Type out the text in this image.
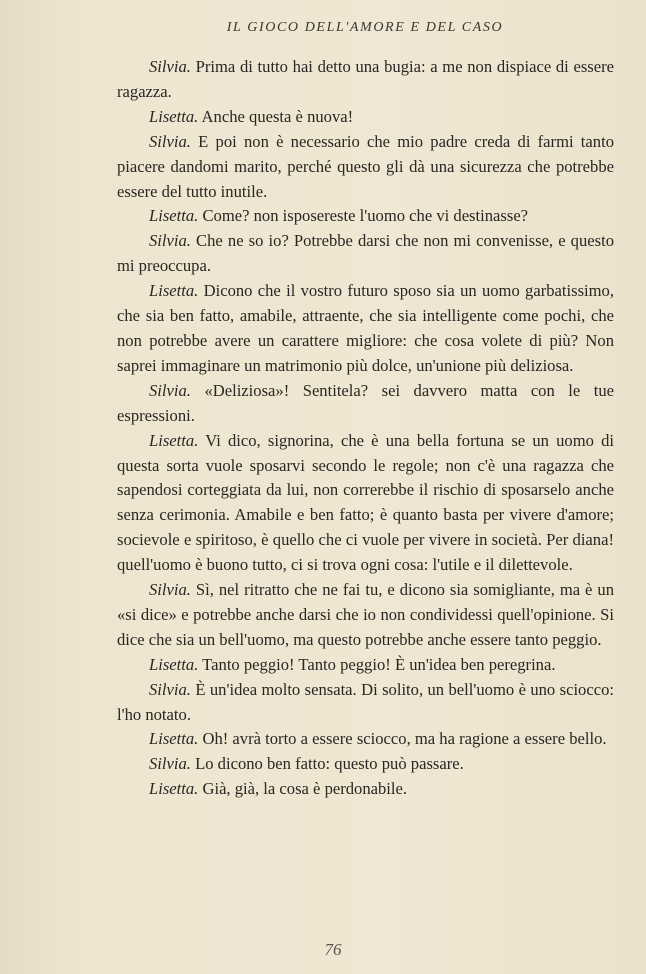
IL GIOCO DELL'AMORE E DEL CASO

Silvia. Prima di tutto hai detto una bugia: a me non dispiace di essere ragazza.

Lisetta. Anche questa è nuova!

Silvia. E poi non è necessario che mio padre creda di farmi tanto piacere dandomi marito, perché questo gli dà una sicurezza che potrebbe essere del tutto inutile.

Lisetta. Come? non isposereste l'uomo che vi destinasse?

Silvia. Che ne so io? Potrebbe darsi che non mi convenisse, e questo mi preoccupa.

Lisetta. Dicono che il vostro futuro sposo sia un uomo garbatissimo, che sia ben fatto, amabile, attraente, che sia intelligente come pochi, che non potrebbe avere un carattere migliore: che cosa volete di più? Non saprei immaginare un matrimonio più dolce, un'unione più deliziosa.

Silvia. «Deliziosa»! Sentitela? sei davvero matta con le tue espressioni.

Lisetta. Vi dico, signorina, che è una bella fortuna se un uomo di questa sorta vuole sposarvi secondo le regole; non c'è una ragazza che sapendosi corteggiata da lui, non correrebbe il rischio di sposarselo anche senza cerimonia. Amabile e ben fatto; è quanto basta per vivere d'amore; socievole e spiritoso, è quello che ci vuole per vivere in società. Per diana! quell'uomo è buono tutto, ci si trova ogni cosa: l'utile e il dilettevole.

Silvia. Sì, nel ritratto che ne fai tu, e dicono sia somigliante, ma è un «si dice» e potrebbe anche darsi che io non condividessi quell'opinione. Si dice che sia un bell'uomo, ma questo potrebbe anche essere tanto peggio.

Lisetta. Tanto peggio! Tanto peggio! È un'idea ben peregrina.

Silvia. È un'idea molto sensata. Di solito, un bell'uomo è uno sciocco: l'ho notato.

Lisetta. Oh! avrà torto a essere sciocco, ma ha ragione a essere bello.

Silvia. Lo dicono ben fatto: questo può passare.

Lisetta. Già, già, la cosa è perdonabile.

76
